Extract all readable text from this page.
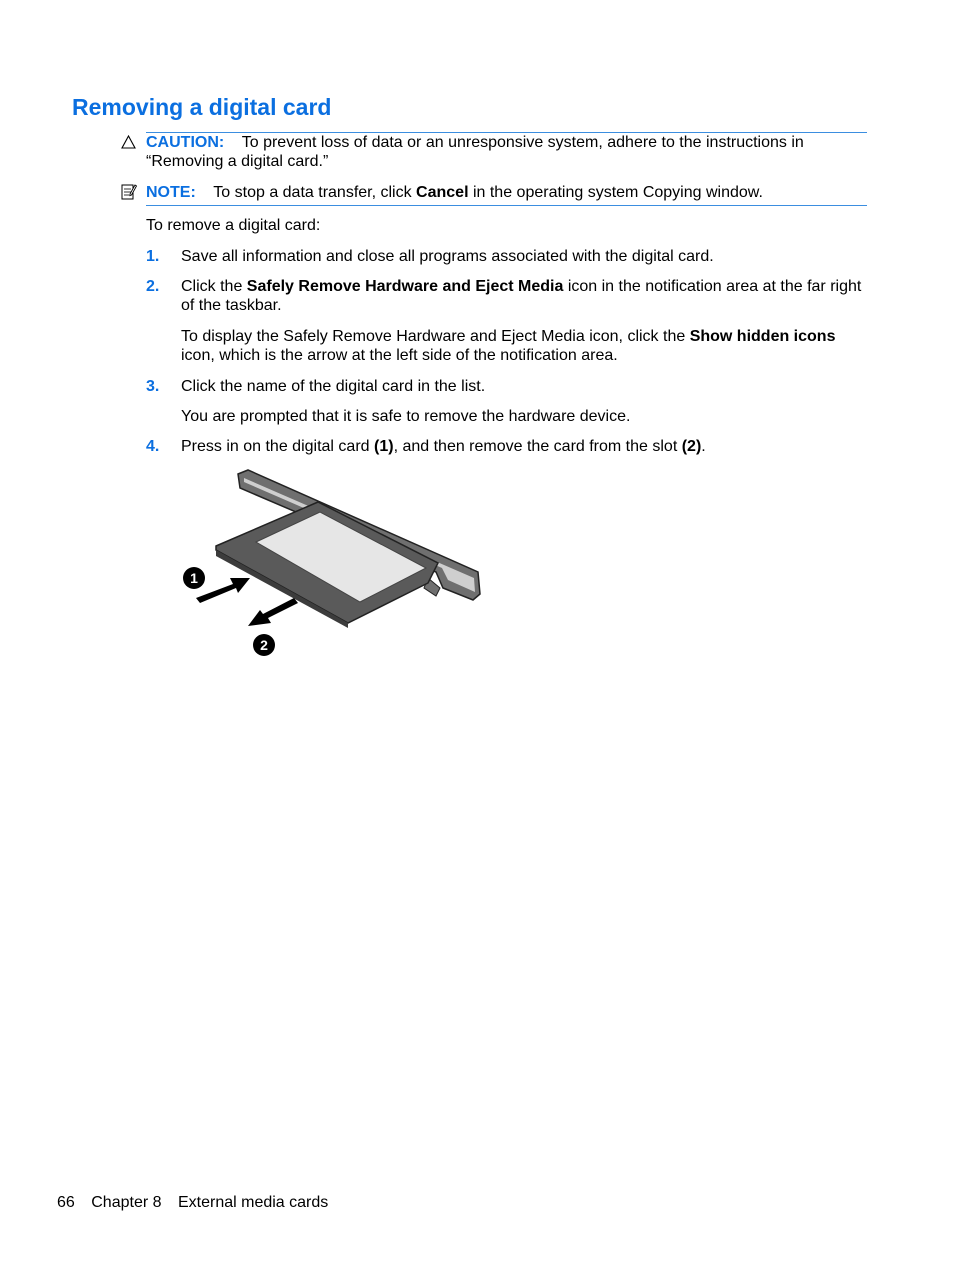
Removing a digital card
CAUTION: To prevent loss of data or an unresponsive system, adhere to the instructions in “Removing a digital card.”
NOTE: To stop a data transfer, click Cancel in the operating system Copying window.
To remove a digital card:
1. Save all information and close all programs associated with the digital card.
2. Click the Safely Remove Hardware and Eject Media icon in the notification area at the far right of the taskbar.
To display the Safely Remove Hardware and Eject Media icon, click the Show hidden icons icon, which is the arrow at the left side of the notification area.
3. Click the name of the digital card in the list.
You are prompted that it is safe to remove the hardware device.
4. Press in on the digital card (1), and then remove the card from the slot (2).
1
2
66 Chapter 8 External media cards
